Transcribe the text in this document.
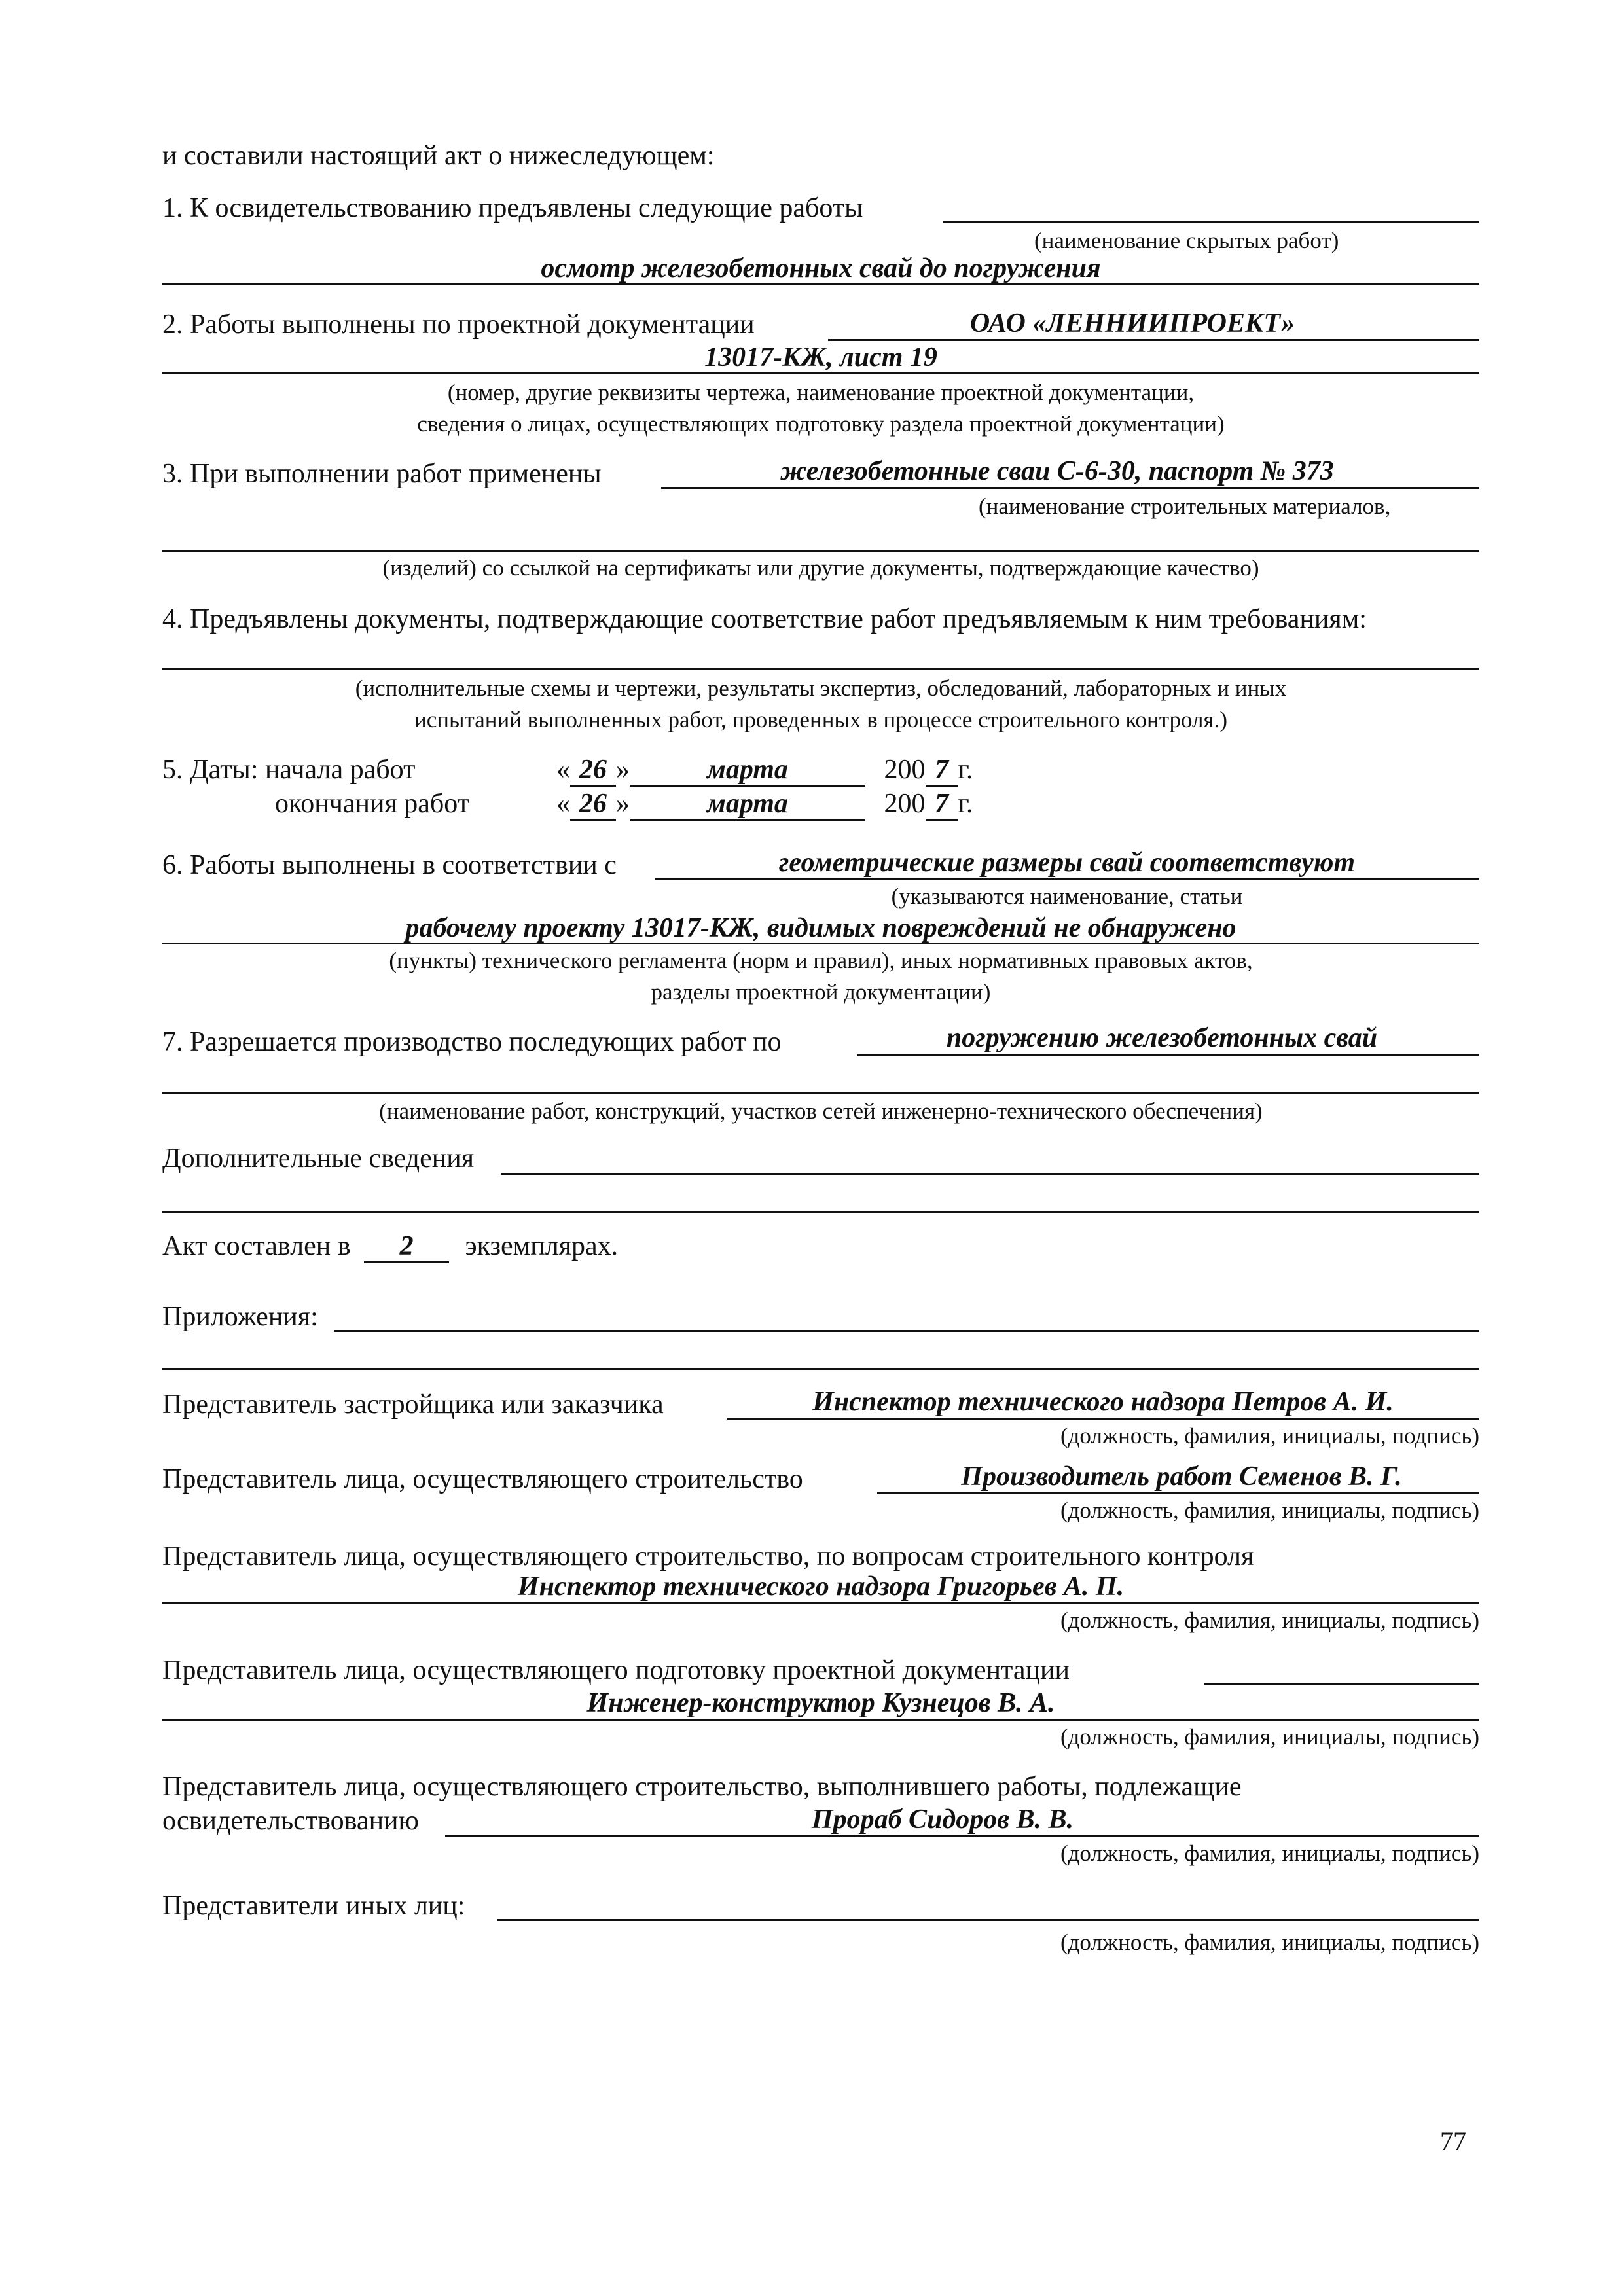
и составили настоящий акт о нижеследующем:
1. К освидетельствованию предъявлены следующие работы
(наименование скрытых работ)
осмотр железобетонных свай до погружения
2. Работы выполнены по проектной документации	ОАО «ЛЕННИИПРОЕКТ»
13017-КЖ, лист 19
(номер, другие реквизиты чертежа, наименование проектной документации,
сведения о лицах, осуществляющих подготовку раздела проектной документации)
3. При выполнении работ применены	железобетонные сваи С-6-30, паспорт № 373
(наименование строительных материалов,
(изделий) со ссылкой на сертификаты или другие документы, подтверждающие качество)
4. Предъявлены документы, подтверждающие соответствие работ предъявляемым к ним требованиям:
(исполнительные схемы и чертежи, результаты экспертиз, обследований, лабораторных и иных
испытаний выполненных работ, проведенных в процессе строительного контроля.)
5. Даты: начала работ	« 26 »	марта	200 7 г.
окончания работ	« 26 »	марта	200 7 г.
6. Работы выполнены в соответствии с	геометрические размеры свай соответствуют
(указываются наименование, статьи
рабочему проекту 13017-КЖ, видимых повреждений не обнаружено
(пункты) технического регламента (норм и правил), иных нормативных правовых актов,
разделы проектной документации)
7. Разрешается производство последующих работ по	погружению железобетонных свай
(наименование работ, конструкций, участков сетей инженерно-технического обеспечения)
Дополнительные сведения
Акт составлен в 2 экземплярах.
Приложения:
Представитель застройщика или заказчика	Инспектор технического надзора Петров А. И.
(должность, фамилия, инициалы, подпись)
Представитель лица, осуществляющего строительство	Производитель работ Семенов В. Г.
(должность, фамилия, инициалы, подпись)
Представитель лица, осуществляющего строительство, по вопросам строительного контроля
Инспектор технического надзора Григорьев А. П.
(должность, фамилия, инициалы, подпись)
Представитель лица, осуществляющего подготовку проектной документации
Инженер-конструктор Кузнецов В. А.
(должность, фамилия, инициалы, подпись)
Представитель лица, осуществляющего строительство, выполнившего работы, подлежащие
освидетельствованию	Прораб Сидоров В. В.
(должность, фамилия, инициалы, подпись)
Представители иных лиц:
(должность, фамилия, инициалы, подпись)
77
